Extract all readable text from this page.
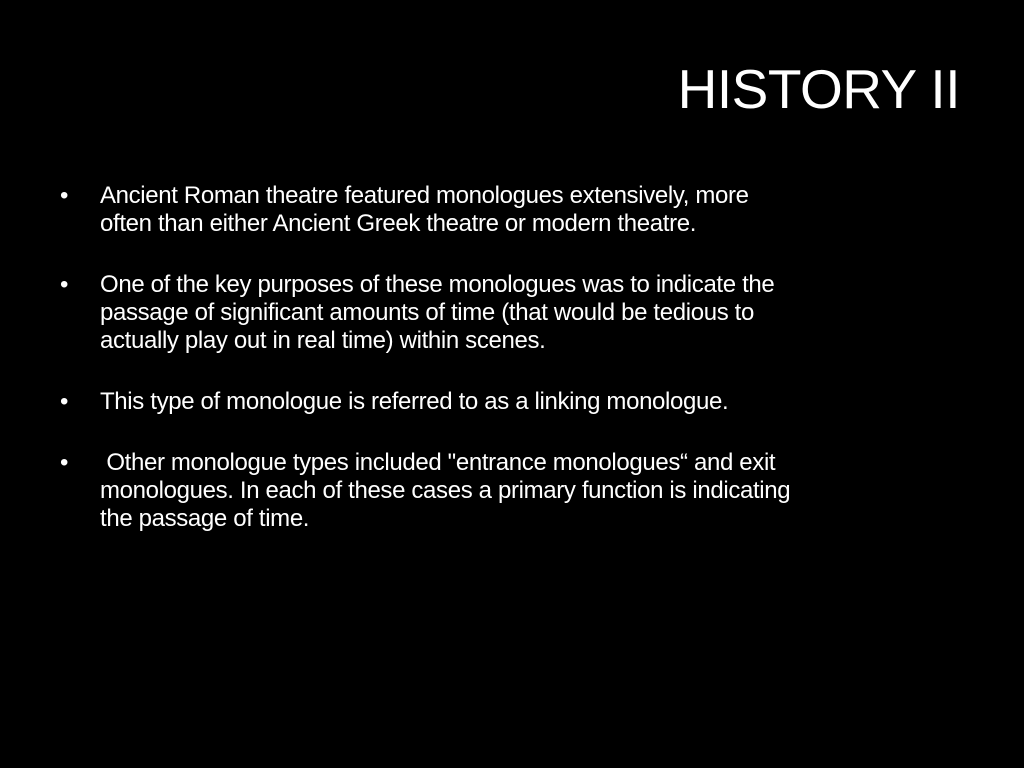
HISTORY II
• Ancient Roman theatre featured monologues extensively, more
often than either Ancient Greek theatre or modern theatre.
• One of the key purposes of these monologues was to indicate the
passage of significant amounts of time (that would be tedious to
actually play out in real time) within scenes.
• This type of monologue is referred to as a linking monologue.
• Other monologue types included "entrance monologues“ and exit
monologues. In each of these cases a primary function is indicating
the passage of time.
